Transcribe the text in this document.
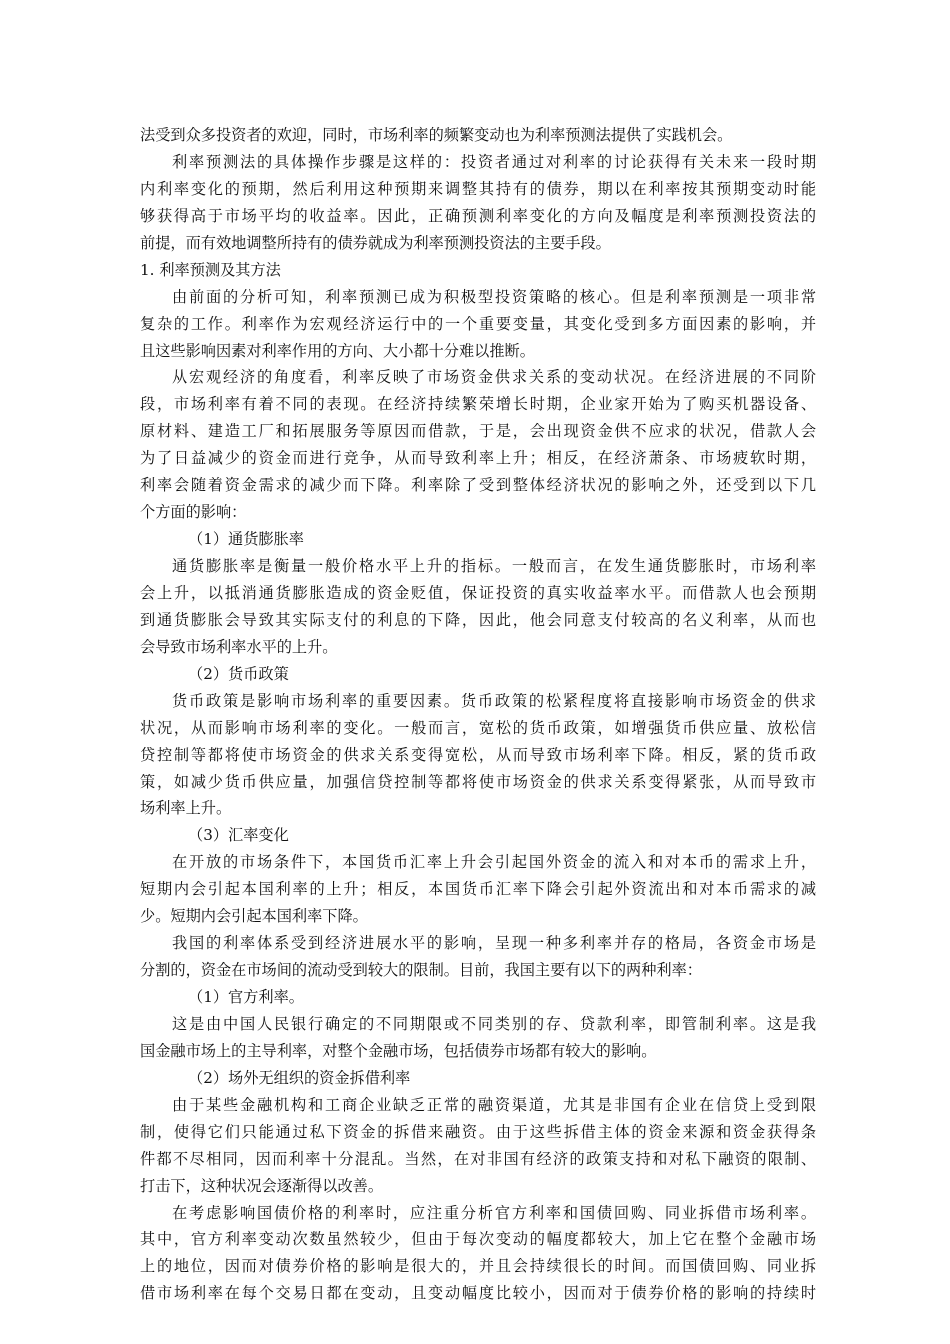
法受到众多投资者的欢迎，同时，市场利率的频繁变动也为利率预测法提供了实践机会。
利率预测法的具体操作步骤是这样的：投资者通过对利率的讨论获得有关未来一段时期
内利率变化的预期，然后利用这种预期来调整其持有的债券，期以在利率按其预期变动时能
够获得高于市场平均的收益率。因此，正确预测利率变化的方向及幅度是利率预测投资法的
前提，而有效地调整所持有的债券就成为利率预测投资法的主要手段。
1. 利率预测及其方法
由前面的分析可知，利率预测已成为积极型投资策略的核心。但是利率预测是一项非常
复杂的工作。利率作为宏观经济运行中的一个重要变量，其变化受到多方面因素的影响，并
且这些影响因素对利率作用的方向、大小都十分难以推断。
从宏观经济的角度看，利率反映了市场资金供求关系的变动状况。在经济进展的不同阶
段，市场利率有着不同的表现。在经济持续繁荣增长时期，企业家开始为了购买机器设备、
原材料、建造工厂和拓展服务等原因而借款，于是，会出现资金供不应求的状况，借款人会
为了日益减少的资金而进行竞争，从而导致利率上升；相反，在经济萧条、市场疲软时期，
利率会随着资金需求的减少而下降。利率除了受到整体经济状况的影响之外，还受到以下几
个方面的影响：
（1）通货膨胀率
通货膨胀率是衡量一般价格水平上升的指标。一般而言，在发生通货膨胀时，市场利率
会上升，以抵消通货膨胀造成的资金贬值，保证投资的真实收益率水平。而借款人也会预期
到通货膨胀会导致其实际支付的利息的下降，因此，他会同意支付较高的名义利率，从而也
会导致市场利率水平的上升。
（2）货币政策
货币政策是影响市场利率的重要因素。货币政策的松紧程度将直接影响市场资金的供求
状况，从而影响市场利率的变化。一般而言，宽松的货币政策，如增强货币供应量、放松信
贷控制等都将使市场资金的供求关系变得宽松，从而导致市场利率下降。相反，紧的货币政
策，如减少货币供应量，加强信贷控制等都将使市场资金的供求关系变得紧张，从而导致市
场利率上升。
（3）汇率变化
在开放的市场条件下，本国货币汇率上升会引起国外资金的流入和对本币的需求上升，
短期内会引起本国利率的上升；相反，本国货币汇率下降会引起外资流出和对本币需求的减
少。短期内会引起本国利率下降。
我国的利率体系受到经济进展水平的影响，呈现一种多利率并存的格局，各资金市场是
分割的，资金在市场间的流动受到较大的限制。目前，我国主要有以下的两种利率：
（1）官方利率。
这是由中国人民银行确定的不同期限或不同类别的存、贷款利率，即管制利率。这是我
国金融市场上的主导利率，对整个金融市场，包括债券市场都有较大的影响。
（2）场外无组织的资金拆借利率
由于某些金融机构和工商企业缺乏正常的融资渠道，尤其是非国有企业在信贷上受到限
制，使得它们只能通过私下资金的拆借来融资。由于这些拆借主体的资金来源和资金获得条
件都不尽相同，因而利率十分混乱。当然，在对非国有经济的政策支持和对私下融资的限制、
打击下，这种状况会逐渐得以改善。
在考虑影响国债价格的利率时，应注重分析官方利率和国债回购、同业拆借市场利率。
其中，官方利率变动次数虽然较少，但由于每次变动的幅度都较大，加上它在整个金融市场
上的地位，因而对债券价格的影响是很大的，并且会持续很长的时间。而国债回购、同业拆
借市场利率在每个交易日都在变动，且变动幅度比较小，因而对于债券价格的影响的持续时
